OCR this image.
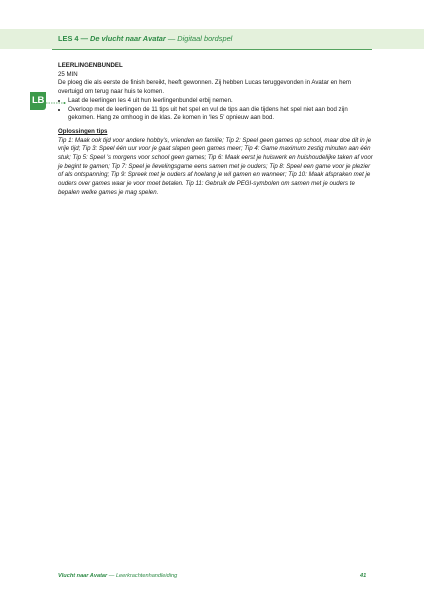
LES 4 — De vlucht naar Avatar — Digitaal bordspel
LB

LEERLINGENBUNDEL

25 MIN

De ploeg die als eerste de finish bereikt, heeft gewonnen. Zij hebben Lucas teruggevonden in Avatar en hem overtuigd om terug naar huis te komen.

• Laat de leerlingen les 4 uit hun leerlingenbundel erbij nemen.
• Overloop met de leerlingen de 11 tips uit het spel en vul de tips aan die tijdens het spel niet aan bod zijn gekomen. Hang ze omhoog in de klas. Ze komen in ‘les 5’ opnieuw aan bod.

Oplossingen tips

Tip 1: Maak ook tijd voor andere hobby’s, vrienden en familie; Tip 2: Speel geen games op school, maar doe dit in je vrije tijd; Tip 3: Speel één uur voor je gaat slapen geen games meer; Tip 4: Game maximum zestig minuten aan één stuk; Tip 5: Speel ’s morgens voor school geen games; Tip 6: Maak eerst je huiswerk en huishoudelijke taken af voor je begint te gamen; Tip 7: Speel je lievelingsgame eens samen met je ouders; Tip 8: Speel een game voor je plezier of als ontspanning; Tip 9: Spreek met je ouders af hoelang je wil gamen en wanneer; Tip 10: Maak afspraken met je ouders over games waar je voor moet betalen. Tip 11: Gebruik de PEGI-symbolen om samen met je ouders te bepalen welke games je mag spelen.

Vlucht naar Avatar — Leerkrachtenhandleiding	41
